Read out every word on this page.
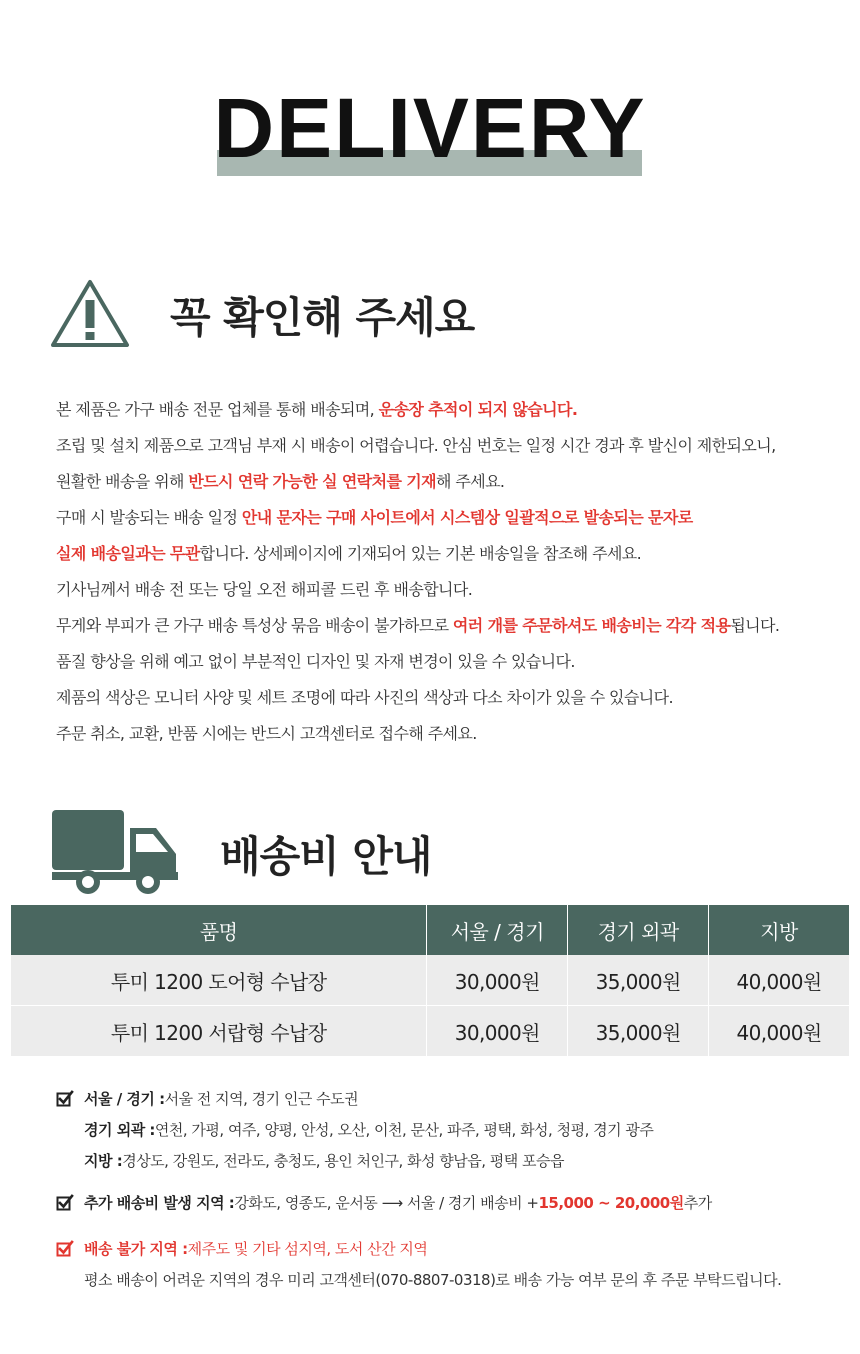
DELIVERY
꼭 확인해 주세요
본 제품은 가구 배송 전문 업체를 통해 배송되며, 운송장 추적이 되지 않습니다.
조립 및 설치 제품으로 고객님 부재 시 배송이 어렵습니다. 안심 번호는 일정 시간 경과 후 발신이 제한되오니,
원활한 배송을 위해 반드시 연락 가능한 실 연락처를 기재해 주세요.
구매 시 발송되는 배송 일정 안내 문자는 구매 사이트에서 시스템상 일괄적으로 발송되는 문자로
실제 배송일과는 무관합니다. 상세페이지에 기재되어 있는 기본 배송일을 참조해 주세요.
기사님께서 배송 전 또는 당일 오전 해피콜 드린 후 배송합니다.
무게와 부피가 큰 가구 배송 특성상 묶음 배송이 불가하므로 여러 개를 주문하셔도 배송비는 각각 적용됩니다.
품질 향상을 위해 예고 없이 부분적인 디자인 및 자재 변경이 있을 수 있습니다.
제품의 색상은 모니터 사양 및 세트 조명에 따라 사진의 색상과 다소 차이가 있을 수 있습니다.
주문 취소, 교환, 반품 시에는 반드시 고객센터로 접수해 주세요.
배송비 안내
품명	서울 / 경기	경기 외곽	지방
투미 1200 도어형 수납장	30,000원	35,000원	40,000원
투미 1200 서랍형 수납장	30,000원	35,000원	40,000원
서울 / 경기 : 서울 전 지역, 경기 인근 수도권
경기 외곽 : 연천, 가평, 여주, 양평, 안성, 오산, 이천, 문산, 파주, 평택, 화성, 청평, 경기 광주
지방 : 경상도, 강원도, 전라도, 충청도, 용인 처인구, 화성 향남읍, 평택 포승읍
추가 배송비 발생 지역 : 강화도, 영종도, 운서동 ⟶ 서울 / 경기 배송비 + 15,000 ~ 20,000원 추가
배송 불가 지역 : 제주도 및 기타 섬지역, 도서 산간 지역
평소 배송이 어려운 지역의 경우 미리 고객센터(070-8807-0318)로 배송 가능 여부 문의 후 주문 부탁드립니다.
